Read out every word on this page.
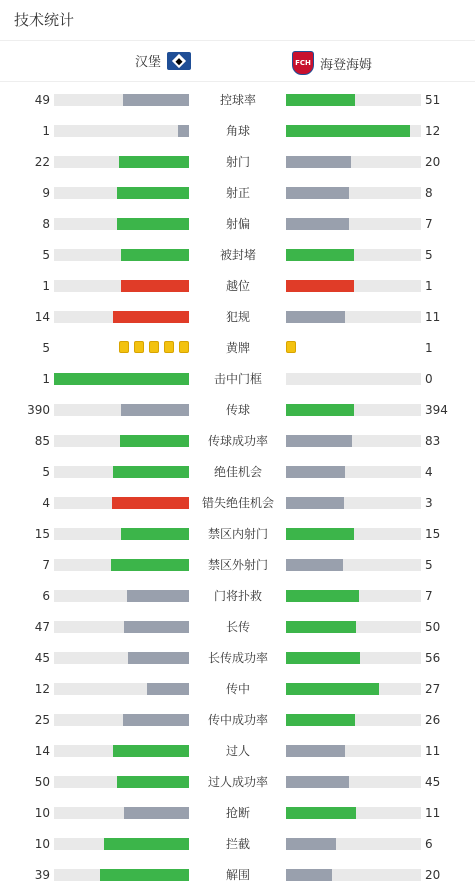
技术统计
汉堡	FCH 海登海姆
49	控球率	51
1	角球	12
22	射门	20
9	射正	8
8	射偏	7
5	被封堵	5
1	越位	1
14	犯规	11
5	黄牌	1
1	击中门框	0
390	传球	394
85	传球成功率	83
5	绝佳机会	4
4	错失绝佳机会	3
15	禁区内射门	15
7	禁区外射门	5
6	门将扑救	7
47	长传	50
45	长传成功率	56
12	传中	27
25	传中成功率	26
14	过人	11
50	过人成功率	45
10	抢断	11
10	拦截	6
39	解围	20
